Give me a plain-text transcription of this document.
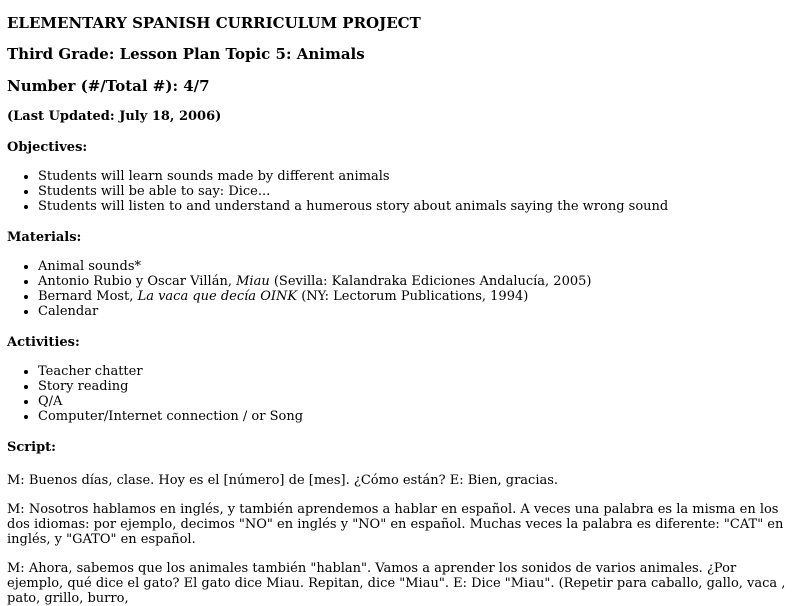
ELEMENTARY SPANISH CURRICULUM PROJECT
Third Grade: Lesson Plan Topic 5: Animals
Number (#/Total #): 4/7
(Last Updated: July 18, 2006)
Objectives:
• Students will learn sounds made by different animals
• Students will be able to say: Dice...
• Students will listen to and understand a humerous story about animals saying the wrong sound
Materials:
• Animal sounds*
• Antonio Rubio y Oscar Villán, Miau (Sevilla: Kalandraka Ediciones Andalucía, 2005)
• Bernard Most, La vaca que decía OINK (NY: Lectorum Publications, 1994)
• Calendar
Activities:
• Teacher chatter
• Story reading
• Q/A
• Computer/Internet connection / or Song
Script:

M: Buenos días, clase. Hoy es el [número] de [mes]. ¿Cómo están? E: Bien, gracias.

M: Nosotros hablamos en inglés, y también aprendemos a hablar en español. A veces una palabra es la misma en los dos idiomas: por ejemplo, decimos "NO" en inglés y "NO" en español. Muchas veces la palabra es diferente: "CAT" en inglés, y "GATO" en español.

M: Ahora, sabemos que los animales también "hablan". Vamos a aprender los sonidos de varios animales. ¿Por ejemplo, qué dice el gato? El gato dice Miau. Repitan, dice "Miau". E: Dice "Miau". (Repetir para caballo, gallo, vaca , pato, grillo, burro,
